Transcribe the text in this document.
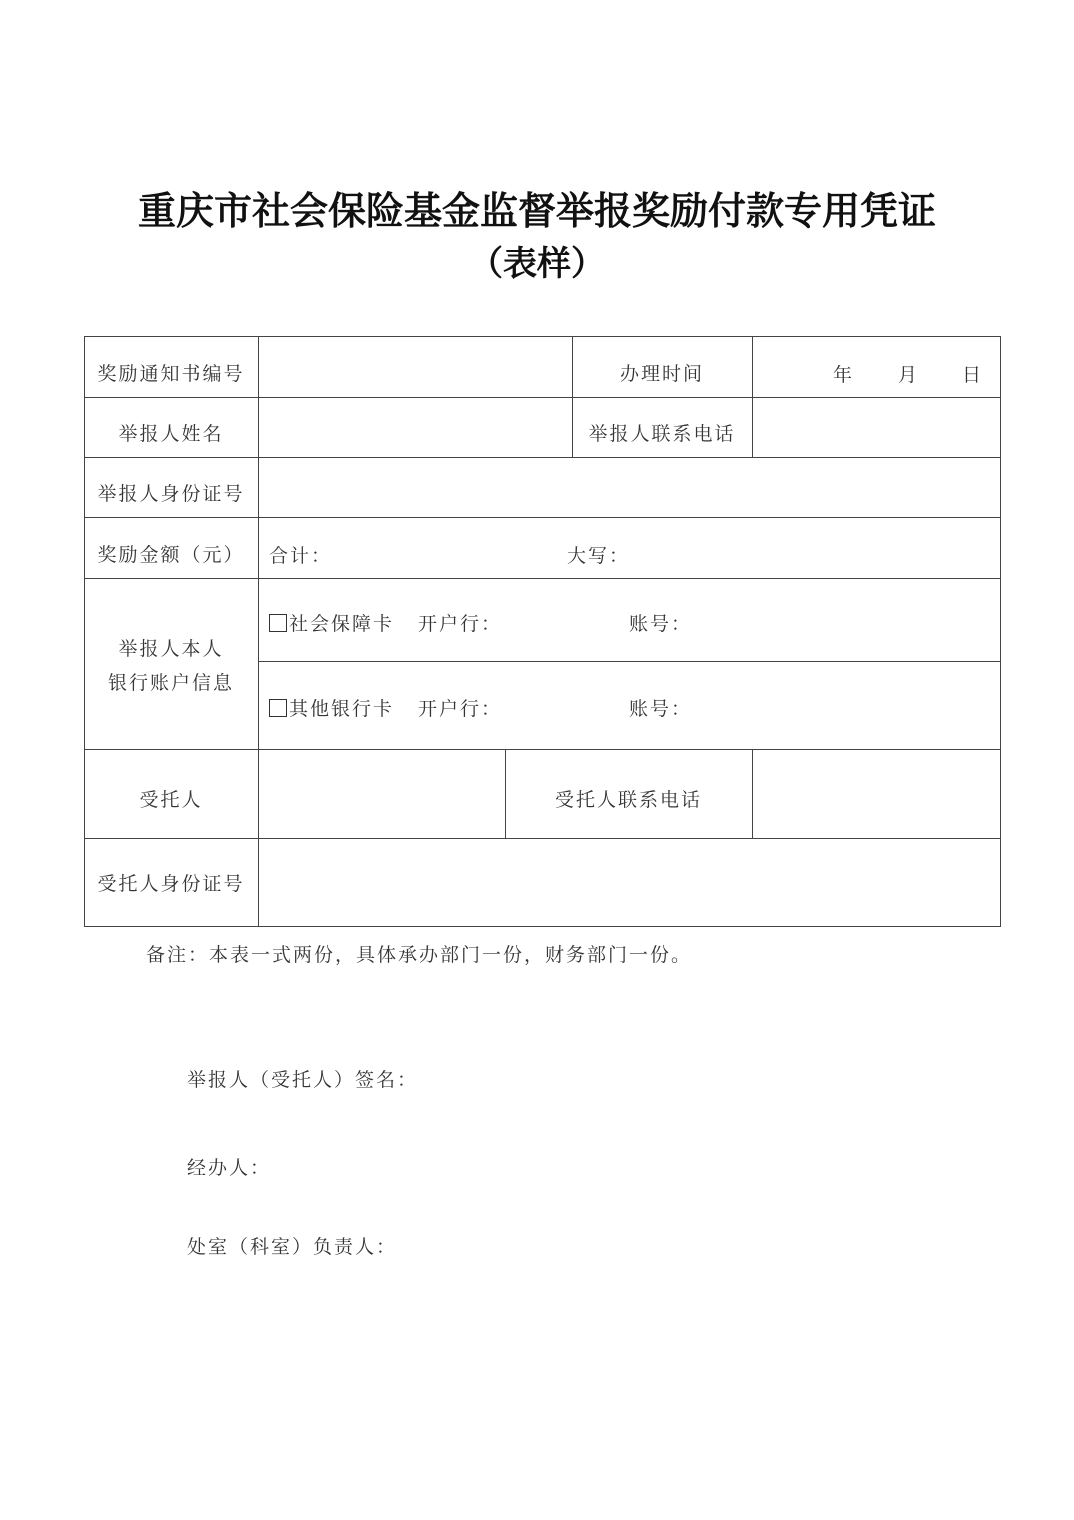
重庆市社会保险基金监督举报奖励付款专用凭证
（表样）
奖励通知书编号	办理时间	年 月 日
举报人姓名	举报人联系电话
举报人身份证号
奖励金额（元）	合计：	大写：
举报人本人
银行账户信息
社会保障卡 开户行：	账号：
其他银行卡 开户行：	账号：
受托人	受托人联系电话
受托人身份证号
备注：本表一式两份，具体承办部门一份，财务部门一份。
举报人（受托人）签名：
经办人：
处室（科室）负责人：
